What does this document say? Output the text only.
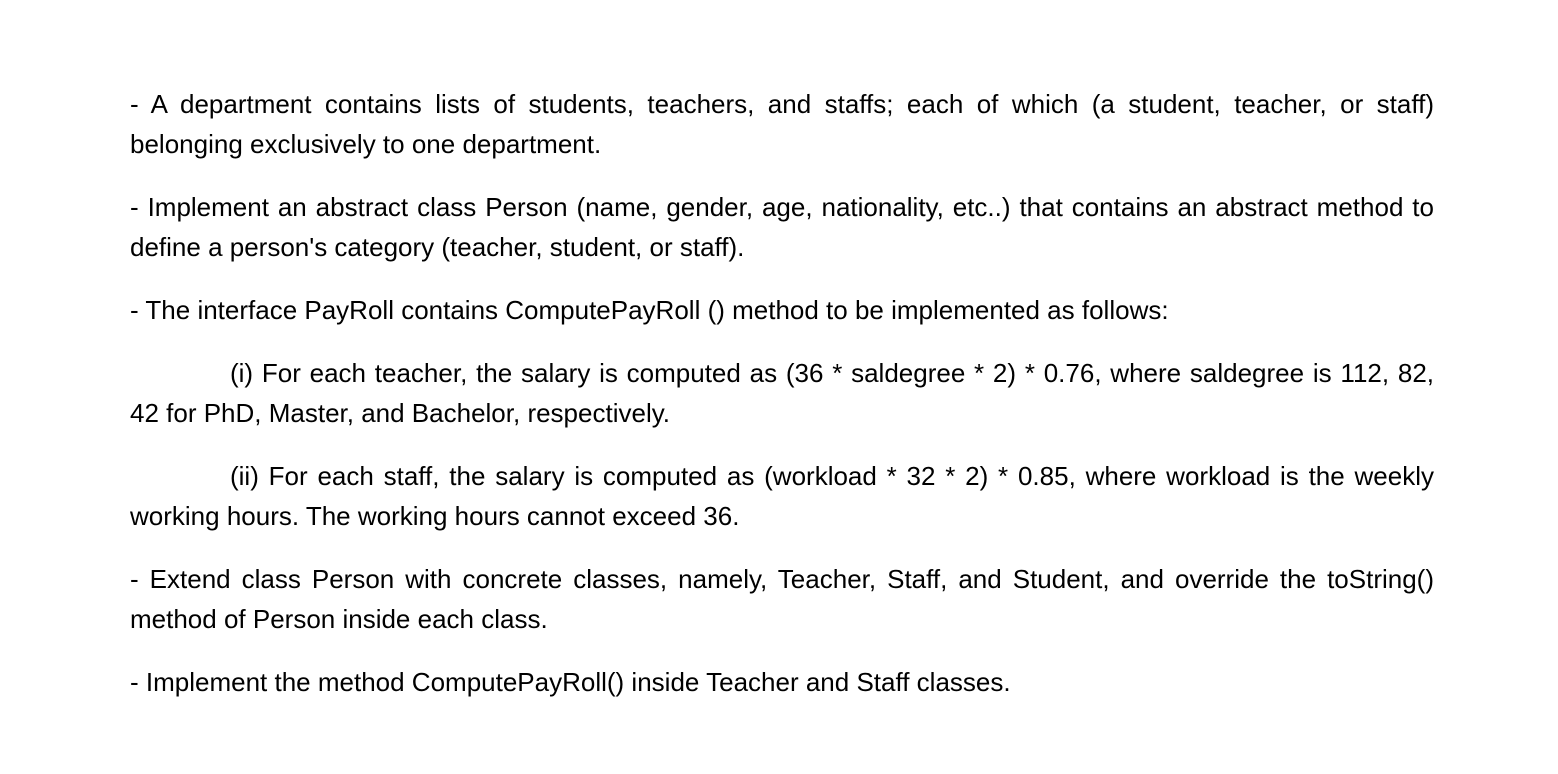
- A department contains lists of students, teachers, and staffs; each of which (a student, teacher, or staff) belonging exclusively to one department.

- Implement an abstract class Person (name, gender, age, nationality, etc..) that contains an abstract method to define a person's category (teacher, student, or staff).

- The interface PayRoll contains ComputePayRoll () method to be implemented as follows:

(i) For each teacher, the salary is computed as (36 * saldegree * 2) * 0.76, where saldegree is 112, 82, 42 for PhD, Master, and Bachelor, respectively.

(ii) For each staff, the salary is computed as (workload * 32 * 2) * 0.85, where workload is the weekly working hours. The working hours cannot exceed 36.

- Extend class Person with concrete classes, namely, Teacher, Staff, and Student, and override the toString() method of Person inside each class.

- Implement the method ComputePayRoll() inside Teacher and Staff classes.
